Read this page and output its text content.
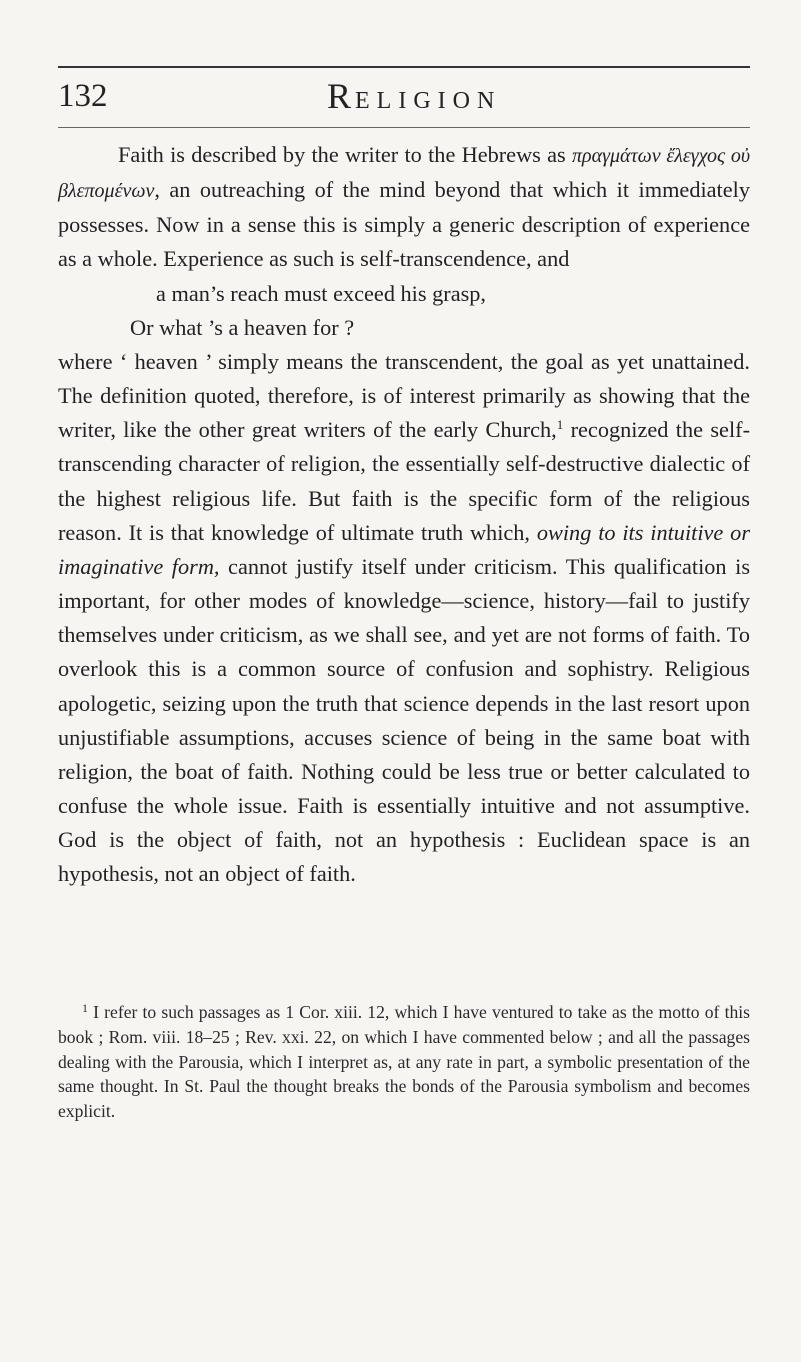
132	RELIGION

Faith is described by the writer to the Hebrews as πραγμάτων ἔλεγχος οὐ βλεπομένων, an outreaching of the mind beyond that which it immediately possesses. Now in a sense this is simply a generic description of experience as a whole. Experience as such is self-transcendence, and

a man’s reach must exceed his grasp,
Or what ’s a heaven for ?

where ‘ heaven ’ simply means the transcendent, the goal as yet unattained. The definition quoted, therefore, is of interest primarily as showing that the writer, like the other great writers of the early Church,$^1$ recognized the self-transcending character of religion, the essentially self-destructive dialectic of the highest religious life. But faith is the specific form of the religious reason. It is that knowledge of ultimate truth which, owing to its intuitive or imaginative form, cannot justify itself under criticism. This qualification is important, for other modes of knowledge—science, history—fail to justify themselves under criticism, as we shall see, and yet are not forms of faith. To overlook this is a common source of confusion and sophistry. Religious apologetic, seizing upon the truth that science depends in the last resort upon unjustifiable assumptions, accuses science of being in the same boat with religion, the boat of faith. Nothing could be less true or better calculated to confuse the whole issue. Faith is essentially intuitive and not assumptive. God is the object of faith, not an hypothesis : Euclidean space is an hypothesis, not an object of faith.

$^1$ I refer to such passages as 1 Cor. xiii. 12, which I have ventured to take as the motto of this book ; Rom. viii. 18–25 ; Rev. xxi. 22, on which I have commented below ; and all the passages dealing with the Parousia, which I interpret as, at any rate in part, a symbolic presentation of the same thought. In St. Paul the thought breaks the bonds of the Parousia symbolism and becomes explicit.
